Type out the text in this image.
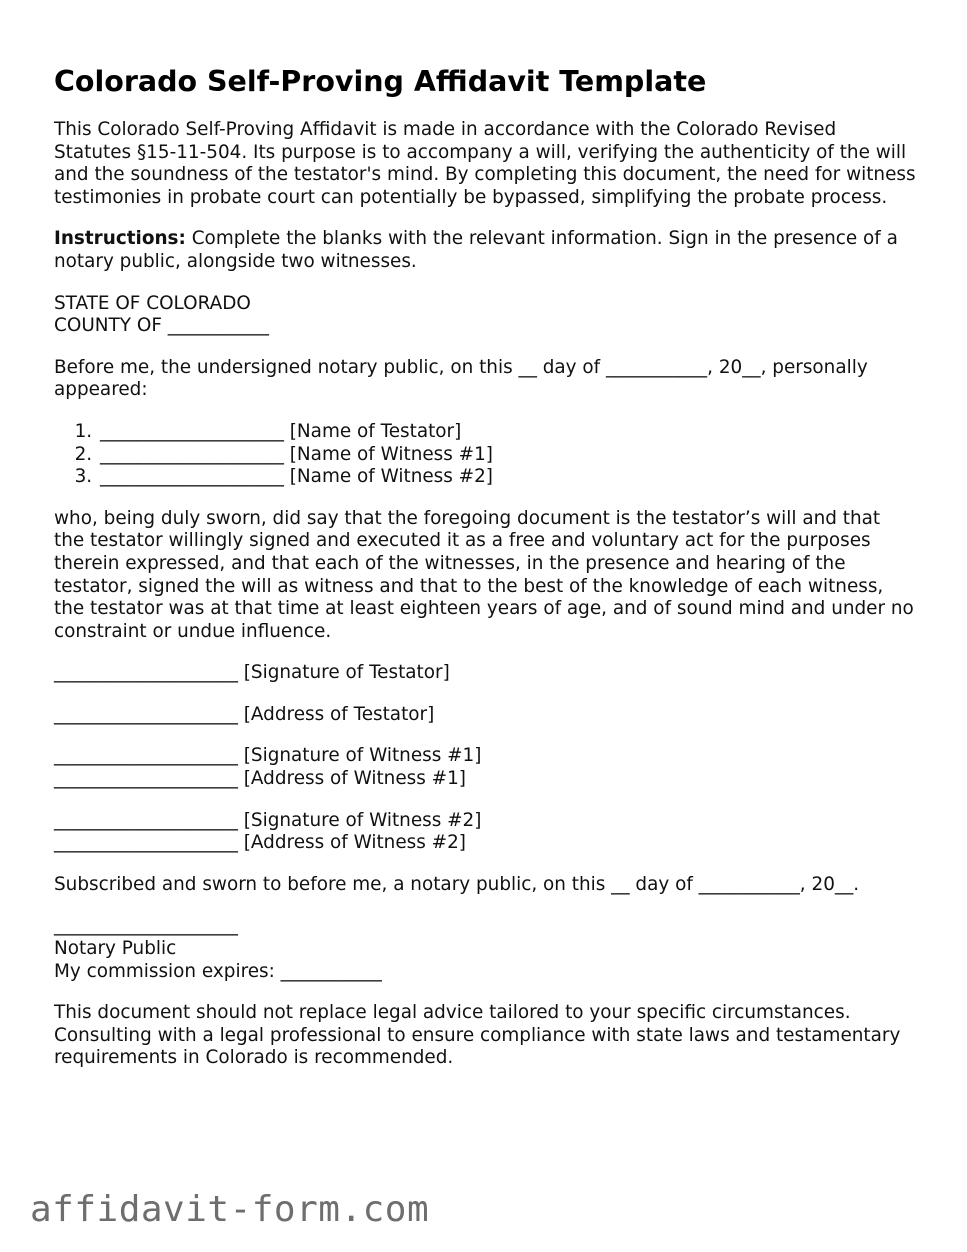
Colorado Self-Proving Affidavit Template

This Colorado Self-Proving Affidavit is made in accordance with the Colorado Revised Statutes §15-11-504. Its purpose is to accompany a will, verifying the authenticity of the will and the soundness of the testator's mind. By completing this document, the need for witness testimonies in probate court can potentially be bypassed, simplifying the probate process.

Instructions: Complete the blanks with the relevant information. Sign in the presence of a notary public, alongside two witnesses.

STATE OF COLORADO
COUNTY OF ___________

Before me, the undersigned notary public, on this __ day of ___________, 20__, personally appeared:

1. ____________________ [Name of Testator]
2. ____________________ [Name of Witness #1]
3. ____________________ [Name of Witness #2]

who, being duly sworn, did say that the foregoing document is the testator’s will and that the testator willingly signed and executed it as a free and voluntary act for the purposes therein expressed, and that each of the witnesses, in the presence and hearing of the testator, signed the will as witness and that to the best of the knowledge of each witness, the testator was at that time at least eighteen years of age, and of sound mind and under no constraint or undue influence.

____________________ [Signature of Testator]
____________________ [Address of Testator]
____________________ [Signature of Witness #1]
____________________ [Address of Witness #1]
____________________ [Signature of Witness #2]
____________________ [Address of Witness #2]

Subscribed and sworn to before me, a notary public, on this __ day of ___________, 20__.

____________________
Notary Public
My commission expires: ___________

This document should not replace legal advice tailored to your specific circumstances. Consulting with a legal professional to ensure compliance with state laws and testamentary requirements in Colorado is recommended.

affidavit-form.com
